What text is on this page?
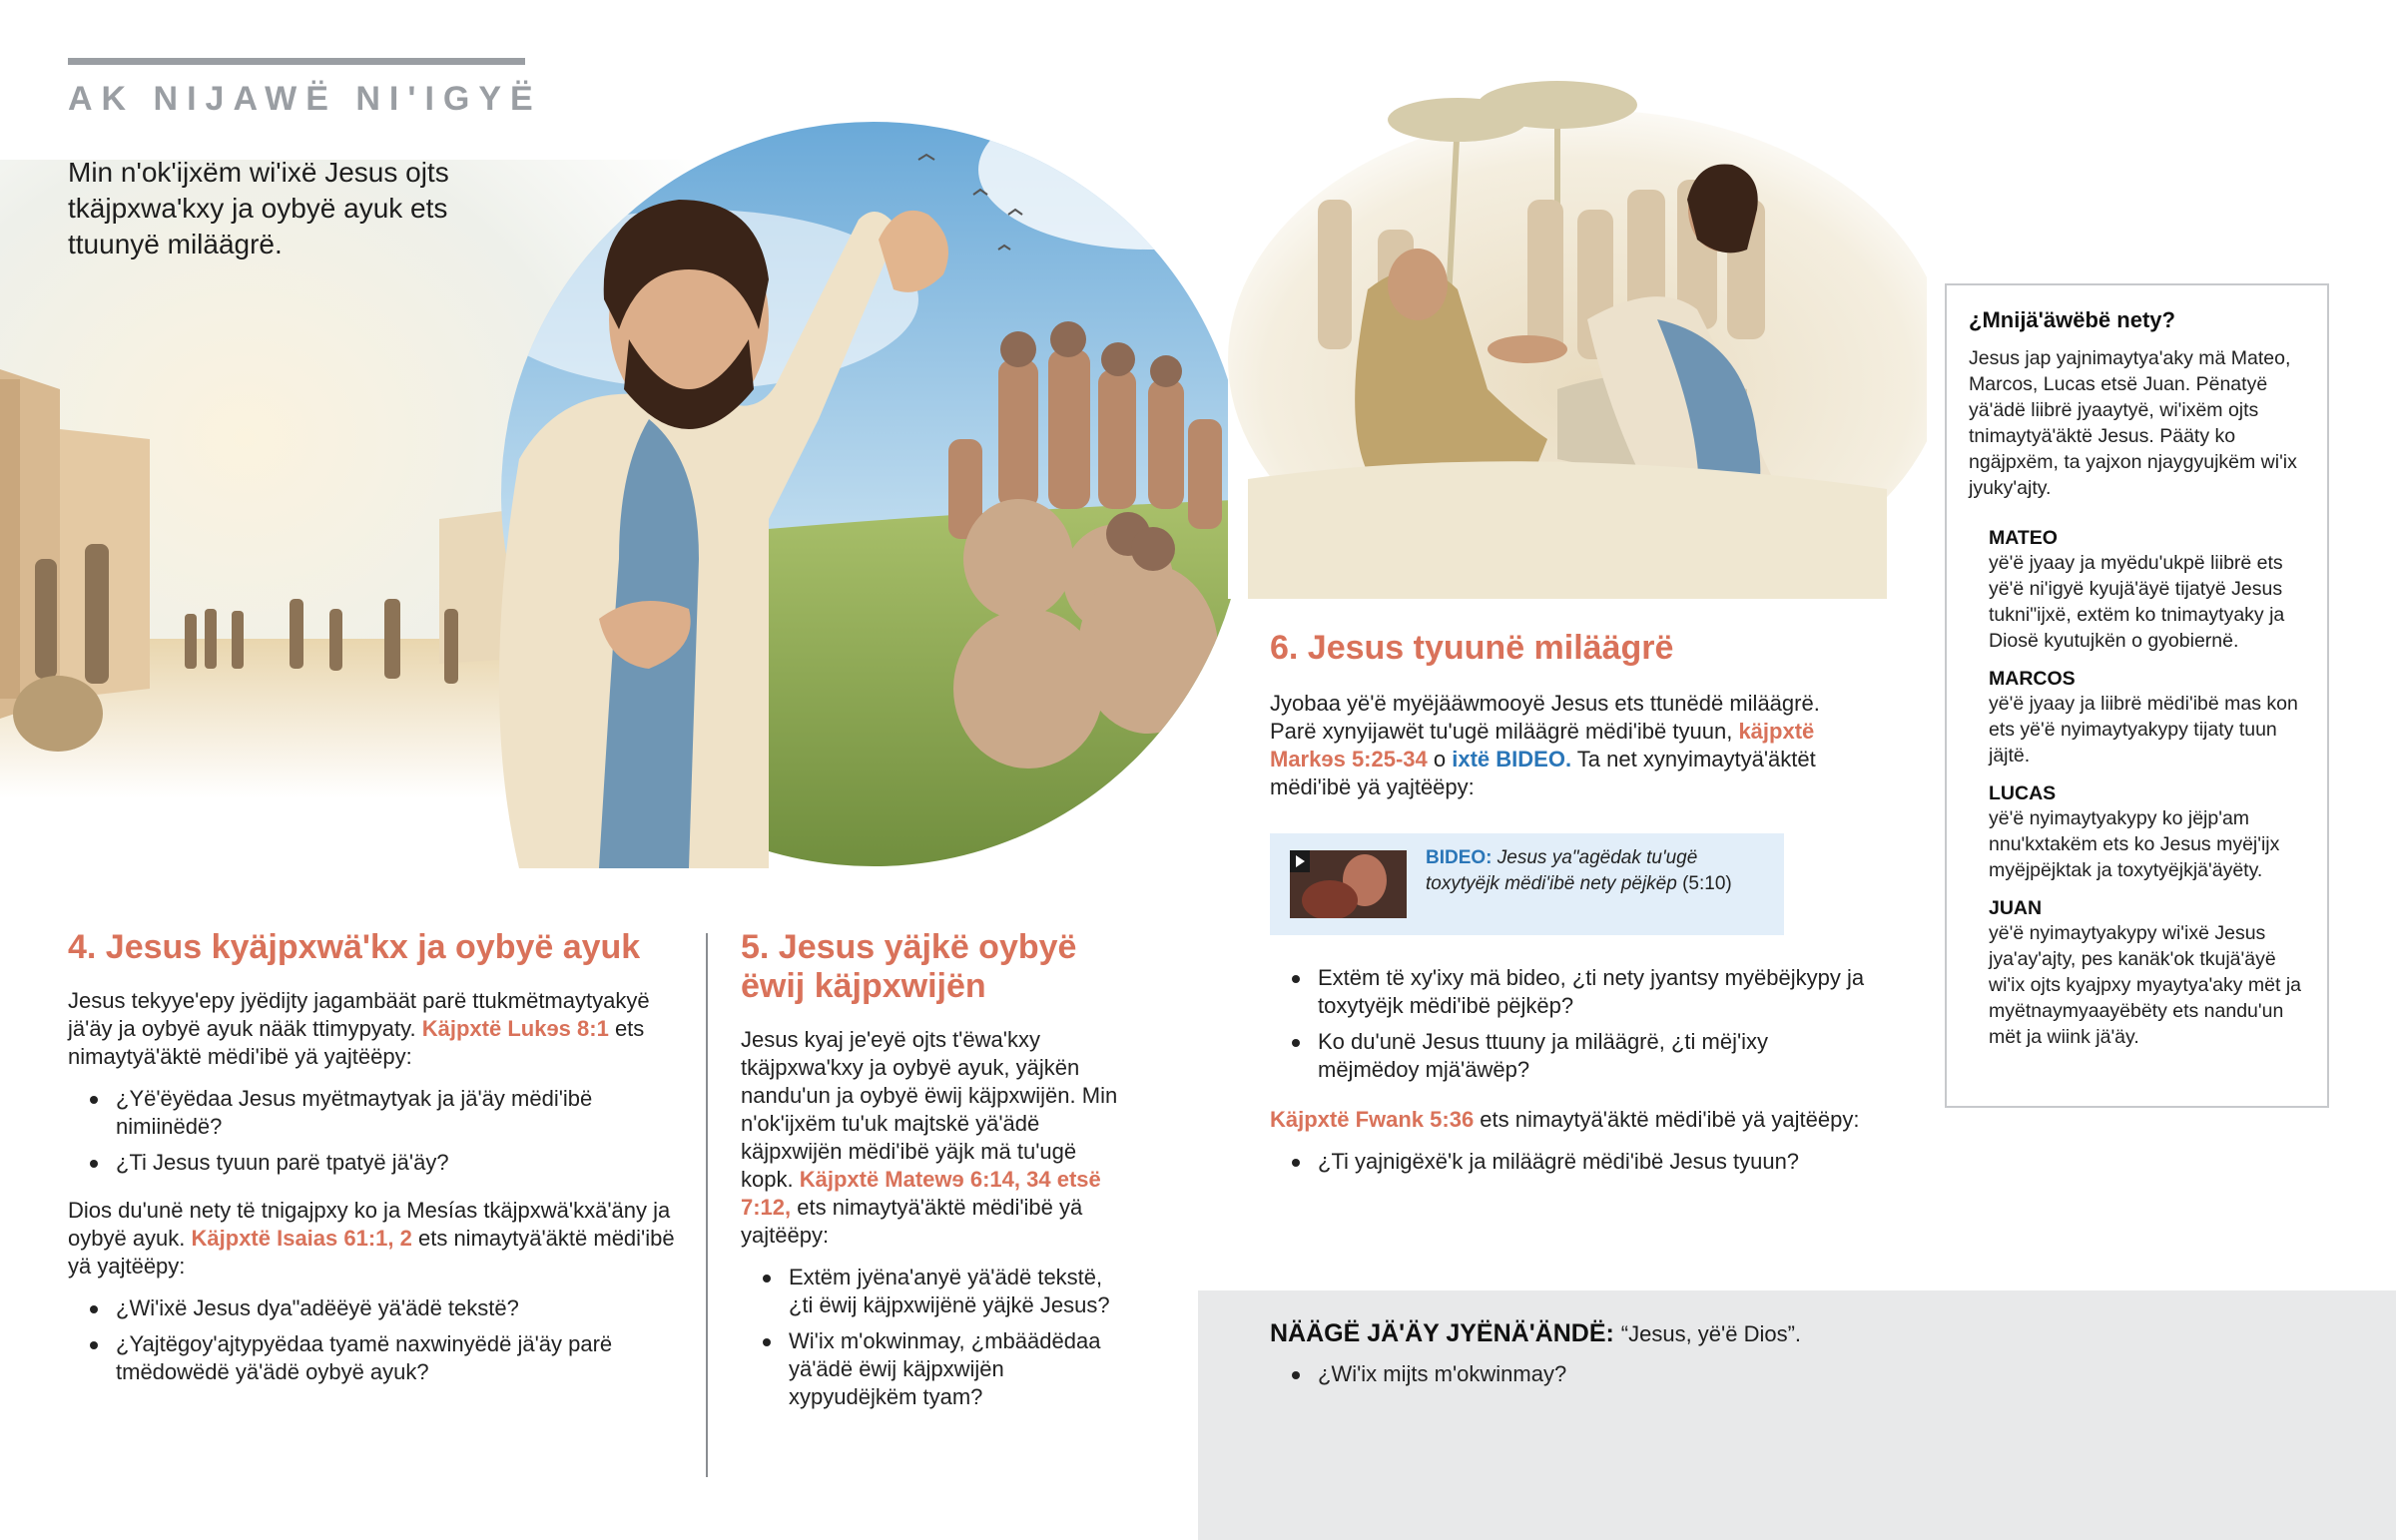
AK NIJAWË NI'IGYË
Min n'ok'ijxëm wi'ixë Jesus ojts tkäjpxwa'kxy ja oybyë ayuk ets ttuunyë miläägrë.
4. Jesus kyäjpxwä'kx ja oybyë ayuk

Jesus tekyye'epy jyëdijty jagambäät parë ttukmëtmaytyakyë jä'äy ja oybyë ayuk nääk ttimypyaty. Käjpxtë Lukɘs 8:1 ets nimaytyä'äktë mëdi'ibë yä yajtëëpy:

¿Yë'ëyëdaa Jesus myëtmaytyak ja jä'äy mëdi'ibë nimiinëdë?
¿Ti Jesus tyuun parë tpatyë jä'äy?

Dios du'unë nety të tnigajpxy ko ja Mesías tkäjpxwä'kxä'äny ja oybyë ayuk. Käjpxtë Isaias 61:1, 2 ets nimaytyä'äktë mëdi'ibë yä yajtëëpy:

¿Wi'ixë Jesus dya"adëëyë yä'ädë tekstë?
¿Yajtëgoy'ajtypyëdaa tyamë naxwinyëdë jä'äy parë tmëdowëdë yä'ädë oybyë ayuk?
5. Jesus yäjkë oybyë ëwij käjpxwijën

Jesus kyaj je'eyë ojts t'ëwa'kxy tkäjpxwa'kxy ja oybyë ayuk, yäjkën nandu'un ja oybyë ëwij käjpxwijën. Min n'ok'ijxëm tu'uk majtskë yä'ädë käjpxwijën mëdi'ibë yäjk mä tu'ugë kopk. Käjpxtë Matewɘ 6:14, 34 etsë 7:12, ets nimaytyä'äktë mëdi'ibë yä yajtëëpy:

Extëm jyëna'anyë yä'ädë tekstë, ¿ti ëwij käjpxwijënë yäjkë Jesus?
Wi'ix m'okwinmay, ¿mbäädëdaa yä'ädë ëwij käjpxwijën xypyudëjkëm tyam?
6. Jesus tyuunë miläägrë

Jyobaa yë'ë myëjääwmooyë Jesus ets ttunëdë miläägrë. Parë xynyijawët tu'ugë miläägrë mëdi'ibë tyuun, käjpxtë Markɘs 5:25-34 o ixtë BIDEO. Ta net xynyimaytyä'äktët mëdi'ibë yä yajtëëpy:

BIDEO: Jesus ya"agëdak tu'ugë toxytyëjk mëdi'ibë nety pëjkëp (5:10)
Extëm të xy'ixy mä bideo, ¿ti nety jyantsy myëbëjkypy ja toxytyëjk mëdi'ibë pëjkëp?
Ko du'unë Jesus ttuuny ja miläägrë, ¿ti mëj'ixy mëjmëdoy mjä'äwëp?

Käjpxtë Fwank 5:36 ets nimaytyä'äktë mëdi'ibë yä yajtëëpy:

¿Ti yajnigëxë'k ja miläägrë mëdi'ibë Jesus tyuun?
¿Mnijä'äwëbë nety?
Jesus jap yajnimaytya'aky mä Mateo, Marcos, Lucas etsë Juan. Pënatyë yä'ädë liibrë jyaaytyë, wi'ixëm ojts tnimaytyä'äktë Jesus. Pääty ko ngäjpxëm, ta yajxon njaygyujkëm wi'ix jyuky'ajty.
MATEO
yë'ë jyaay ja myëdu'ukpë liibrë ets yë'ë ni'igyë kyujä'äyë tijatyë Jesus tukni"ijxë, extëm ko tnimaytyaky ja Diosë kyutujkën o gyobiernë.
MARCOS
yë'ë jyaay ja liibrë mëdi'ibë mas kon ets yë'ë nyimaytyakypy tijaty tuun jäjtë.
LUCAS
yë'ë nyimaytyakypy ko jëjp'am nnu'kxtakëm ets ko Jesus myëj'ijx myëjpëjktak ja toxytyëjkjä'äyëty.
JUAN
yë'ë nyimaytyakypy wi'ixë Jesus jya'ay'ajty, pes kanäk'ok tkujä'äyë wi'ix ojts kyajpxy myaytya'aky mët ja myëtnaymyaayëbëty ets nandu'un mët ja wiink jä'äy.
NÄÄGË JÄ'ÄY JYËNÄ'ÄNDË: “Jesus, yë'ë Dios”.
¿Wi'ix mijts m'okwinmay?
